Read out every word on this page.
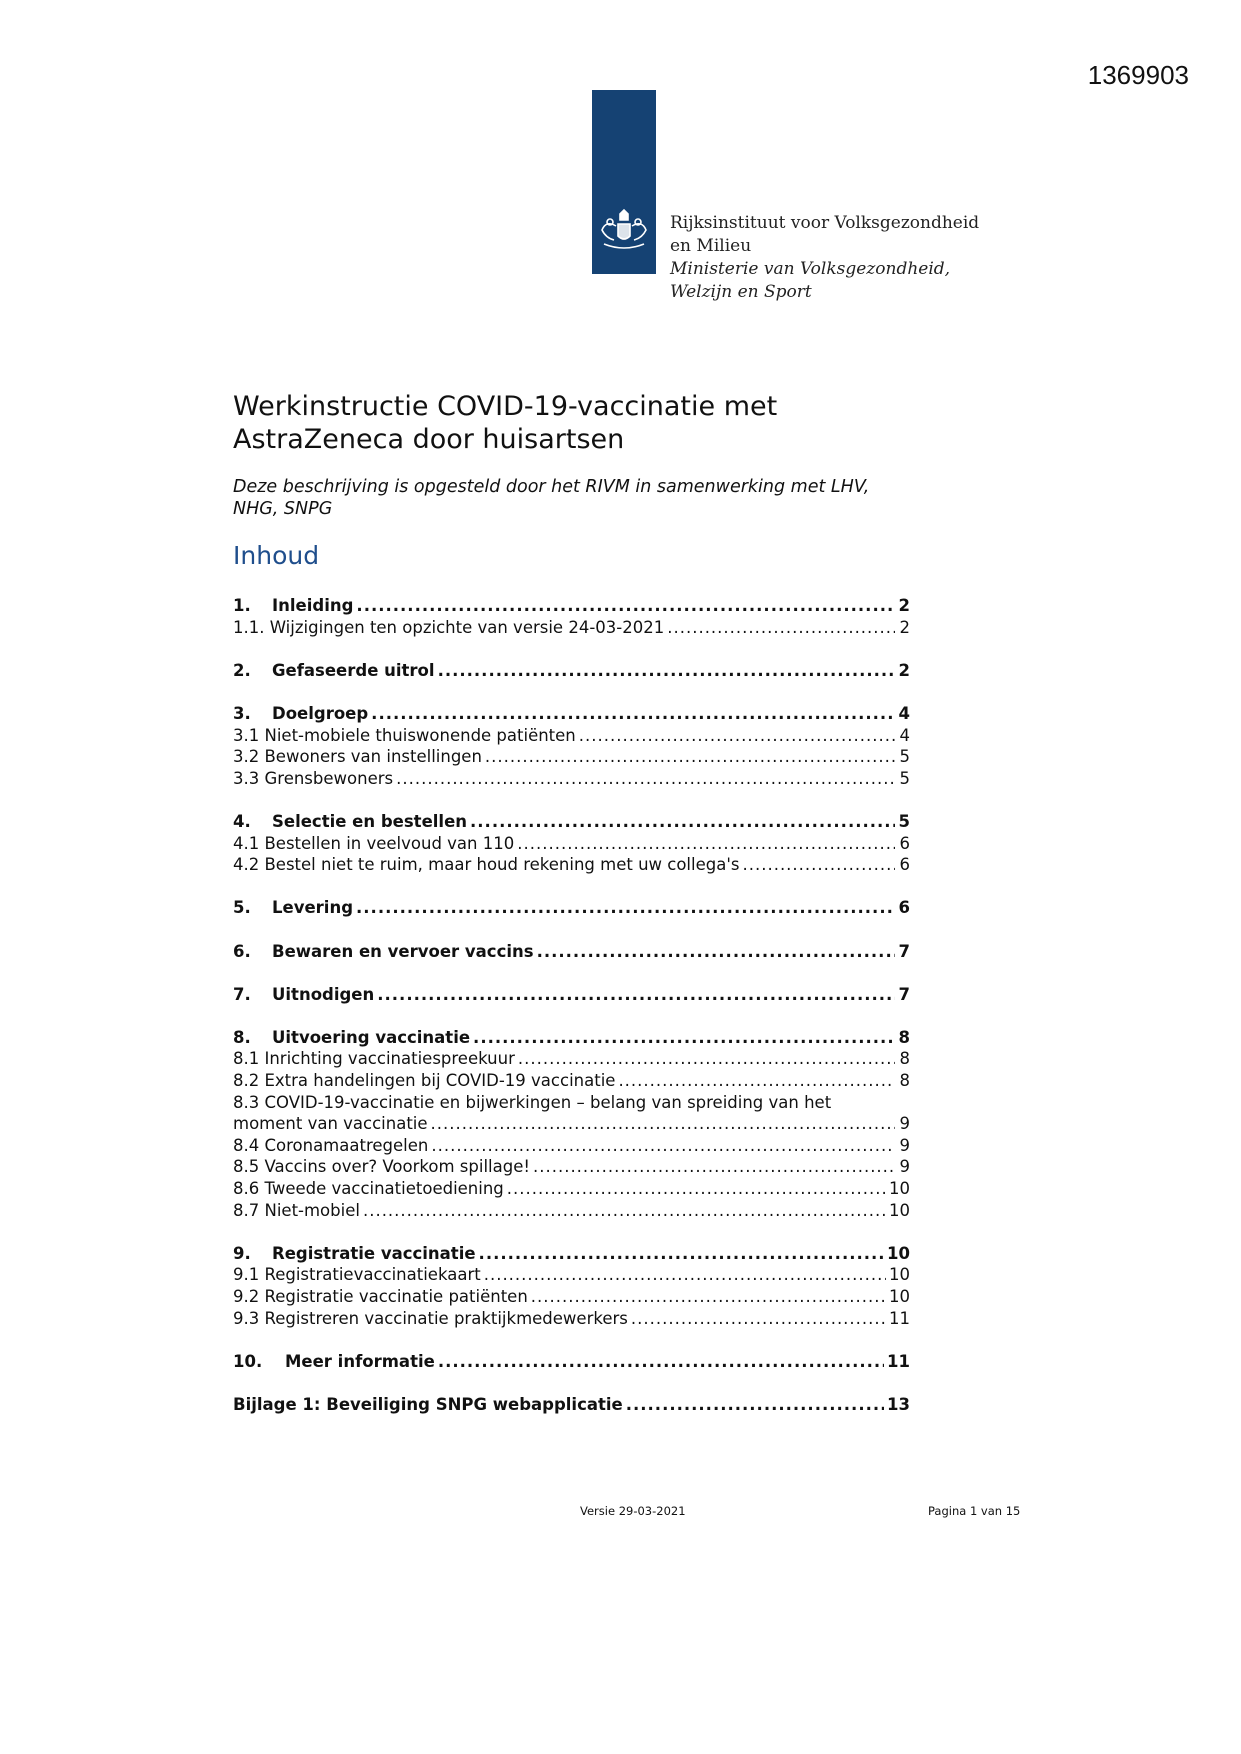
1369903
Rijksinstituut voor Volksgezondheid
en Milieu
Ministerie van Volksgezondheid,
Welzijn en Sport
Werkinstructie COVID-19-vaccinatie met
AstraZeneca door huisartsen

Deze beschrijving is opgesteld door het RIVM in samenwerking met LHV,
NHG, SNPG

Inhoud
1.	Inleiding .....	2
1.1. Wijzigingen ten opzichte van versie 24-03-2021 .....	2
2.	Gefaseerde uitrol .....	2
3.	Doelgroep .....	4
3.1 Niet-mobiele thuiswonende patiënten .....	4
3.2 Bewoners van instellingen .....	5
3.3 Grensbewoners .....	5
4.	Selectie en bestellen .....	5
4.1 Bestellen in veelvoud van 110 .....	6
4.2 Bestel niet te ruim, maar houd rekening met uw collega's .....	6
5.	Levering .....	6
6.	Bewaren en vervoer vaccins .....	7
7.	Uitnodigen .....	7
8.	Uitvoering vaccinatie .....	8
8.1 Inrichting vaccinatiespreekuur .....	8
8.2 Extra handelingen bij COVID-19 vaccinatie .....	8
8.3 COVID-19-vaccinatie en bijwerkingen – belang van spreiding van het
moment van vaccinatie .....	9
8.4 Coronamaatregelen .....	9
8.5 Vaccins over? Voorkom spillage! .....	9
8.6 Tweede vaccinatietoediening .....	10
8.7 Niet-mobiel .....	10
9.	Registratie vaccinatie .....	10
9.1 Registratievaccinatiekaart .....	10
9.2 Registratie vaccinatie patiënten .....	10
9.3 Registreren vaccinatie praktijkmedewerkers .....	11
10.	Meer informatie .....	11
Bijlage 1: Beveiliging SNPG webapplicatie .....	13
Versie 29-03-2021	Pagina 1 van 15
